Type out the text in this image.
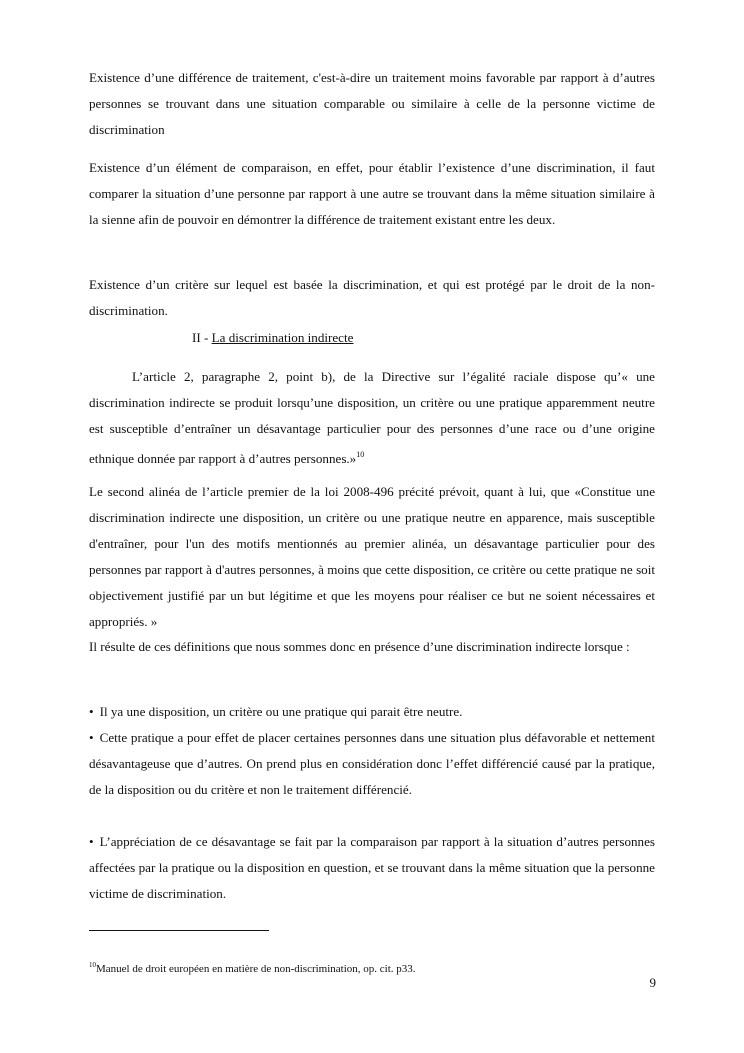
Existence d’une différence de traitement, c'est-à-dire un traitement moins favorable par rapport à d’autres personnes se trouvant dans une situation comparable ou similaire à celle de la personne victime de discrimination

Existence d’un élément de comparaison, en effet, pour établir l’existence d’une discrimination, il faut comparer la situation d’une personne par rapport à une autre se trouvant dans la même situation similaire à la sienne afin de pouvoir en démontrer la différence de traitement existant entre les deux.

Existence d’un critère sur lequel est basée la discrimination, et qui est protégé par le droit de la non-discrimination.

II - La discrimination indirecte

L’article 2, paragraphe 2, point b), de la Directive sur l’égalité raciale dispose qu’« une discrimination indirecte se produit lorsqu’une disposition, un critère ou une pratique apparemment neutre est susceptible d’entraîner un désavantage particulier pour des personnes d’une race ou d’une origine ethnique donnée par rapport à d’autres personnes.»$^{10}$

Le second alinéa de l’article premier de la loi 2008-496 précité prévoit, quant à lui, que «Constitue une discrimination indirecte une disposition, un critère ou une pratique neutre en apparence, mais susceptible d'entraîner, pour l'un des motifs mentionnés au premier alinéa, un désavantage particulier pour des personnes par rapport à d'autres personnes, à moins que cette disposition, ce critère ou cette pratique ne soit objectivement justifié par un but légitime et que les moyens pour réaliser ce but ne soient nécessaires et appropriés. »

Il résulte de ces définitions que nous sommes donc en présence d’une discrimination indirecte lorsque :

• Il ya une disposition, un critère ou une pratique qui parait être neutre.

• Cette pratique a pour effet de placer certaines personnes dans une situation plus défavorable et nettement désavantageuse que d’autres. On prend plus en considération donc l’effet différencié causé par la pratique, de la disposition ou du critère et non le traitement différencié.

• L’appréciation de ce désavantage se fait par la comparaison par rapport à la situation d’autres personnes affectées par la pratique ou la disposition en question, et se trouvant dans la même situation que la personne victime de discrimination.

$^{10}$Manuel de droit européen en matière de non-discrimination, op. cit. p33.

9
